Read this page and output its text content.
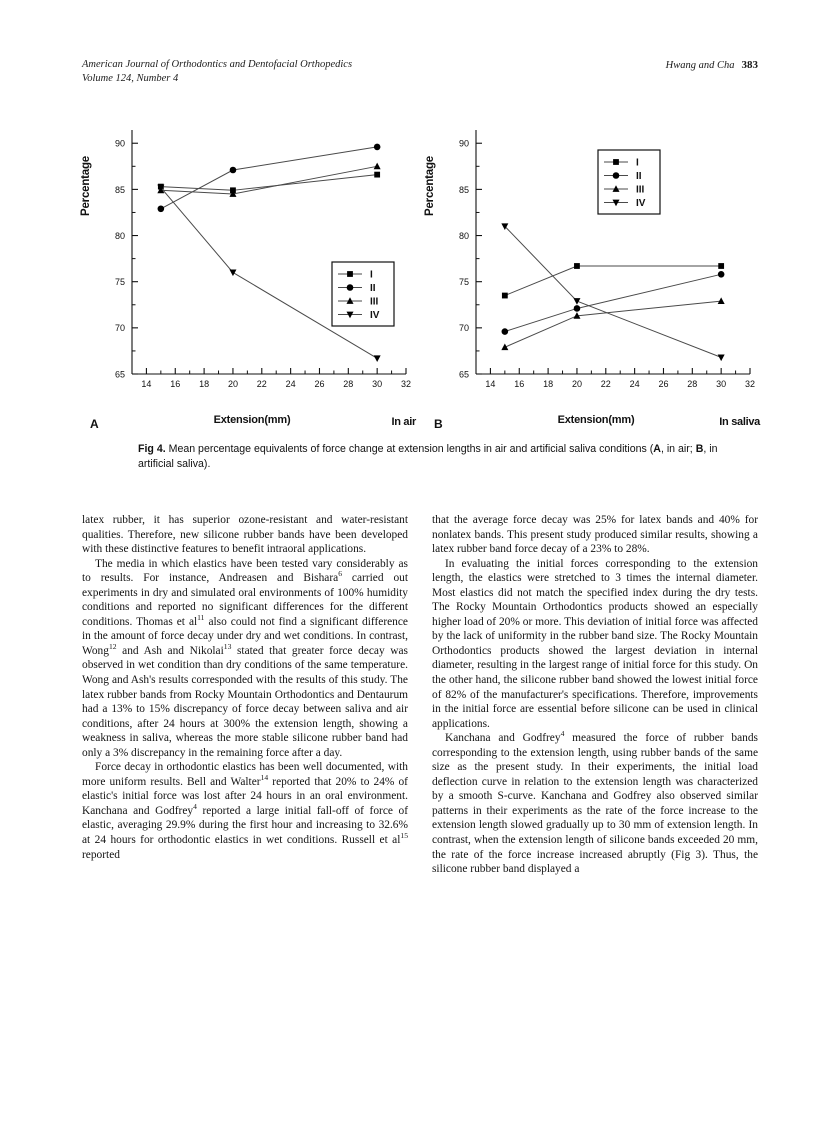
American Journal of Orthodontics and Dentofacial Orthopedics
Volume 124, Number 4
Hwang and Cha 383
Percentage
65
70
75
80
85
90
14 16 18 20 22 24 26 28 30 32
I
II
III
IV
Extension(mm)
A	In air
Percentage
65
70
75
80
85
90
14 16 18 20 22 24 26 28 30 32
I
II
III
IV
Extension(mm)
B	In saliva
Fig 4. Mean percentage equivalents of force change at extension lengths in air and artificial saliva conditions (A, in air; B, in artificial saliva).

latex rubber, it has superior ozone-resistant and water-resistant qualities. Therefore, new silicone rubber bands have been developed with these distinctive features to benefit intraoral applications.

The media in which elastics have been tested vary considerably as to results. For instance, Andreasen and Bishara$^6$ carried out experiments in dry and simulated oral environments of 100% humidity conditions and reported no significant differences for the different conditions. Thomas et $al^{11}$ also could not find a significant difference in the amount of force decay under dry and wet conditions. In contrast, Wong$^{12}$ and Ash and Nikolai$^{13}$ stated that greater force decay was observed in wet condition than dry conditions of the same temperature. Wong and Ash's results corresponded with the results of this study. The latex rubber bands from Rocky Mountain Orthodontics and Dentaurum had a 13% to 15% discrepancy of force decay between saliva and air conditions, after 24 hours at 300% the extension length, showing a weakness in saliva, whereas the more stable silicone rubber band had only a 3% discrepancy in the remaining force after a day.

Force decay in orthodontic elastics has been well documented, with more uniform results. Bell and Walter$^{14}$ reported that 20% to 24% of elastic's initial force was lost after 24 hours in an oral environment. Kanchana and Godfrey$^4$ reported a large initial fall-off of force of elastic, averaging 29.9% during the first hour and increasing to 32.6% at 24 hours for orthodontic elastics in wet conditions. Russell et $al^{15}$ reported

that the average force decay was 25% for latex bands and 40% for nonlatex bands. This present study produced similar results, showing a latex rubber band force decay of a 23% to 28%.

In evaluating the initial forces corresponding to the extension length, the elastics were stretched to 3 times the internal diameter. Most elastics did not match the specified index during the dry tests. The Rocky Mountain Orthodontics products showed an especially higher load of 20% or more. This deviation of initial force was affected by the lack of uniformity in the rubber band size. The Rocky Mountain Orthodontics products showed the largest deviation in internal diameter, resulting in the largest range of initial force for this study. On the other hand, the silicone rubber band showed the lowest initial force of 82% of the manufacturer's specifications. Therefore, improvements in the initial force are essential before silicone can be used in clinical applications.

Kanchana and Godfrey$^4$ measured the force of rubber bands corresponding to the extension length, using rubber bands of the same size as the present study. In their experiments, the initial load deflection curve in relation to the extension length was characterized by a smooth S-curve. Kanchana and Godfrey also observed similar patterns in their experiments as the rate of the force increase to the extension length slowed gradually up to 30 mm of extension length. In contrast, when the extension length of silicone bands exceeded 20 mm, the rate of the force increase increased abruptly (Fig 3). Thus, the silicone rubber band displayed a
